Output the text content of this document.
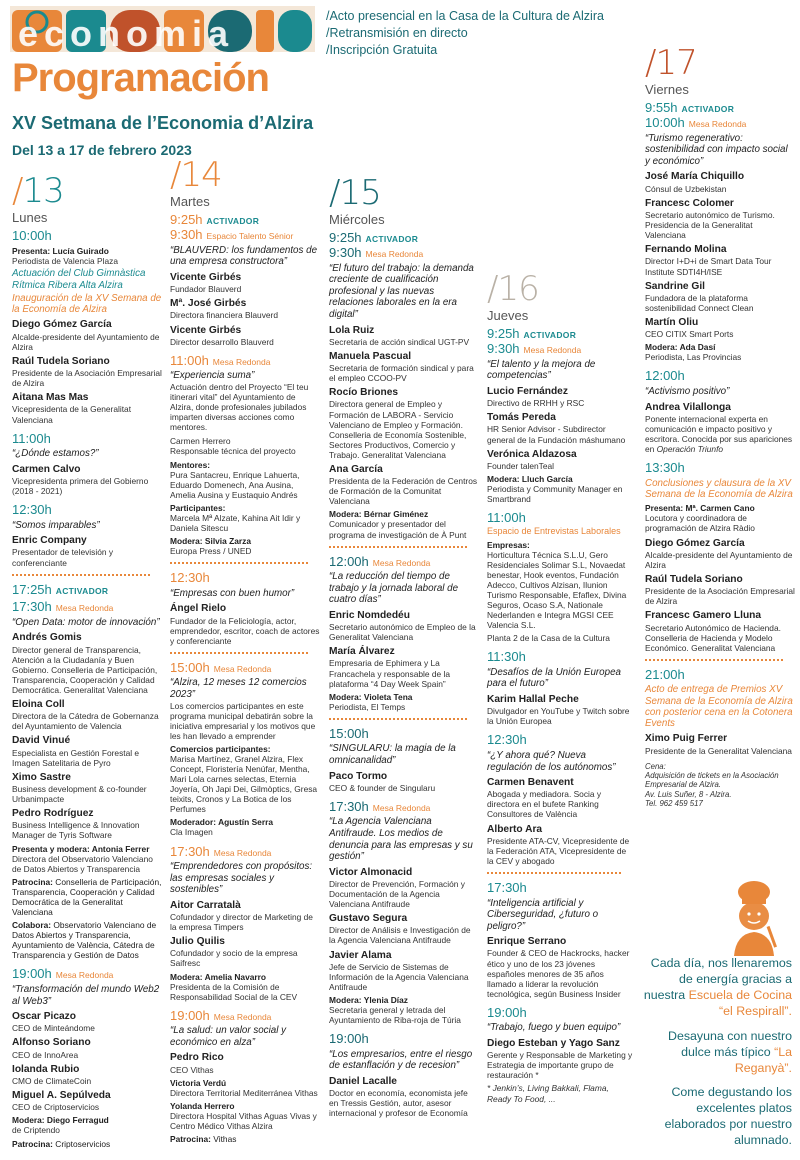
economia
Programación
XV Setmana de l’Economia d’Alzira
Del 13 a 17 de febrero 2023
/Acto presencial en la Casa de la Cultura de Alzira
/Retransmisión en directo
/Inscripción Gratuita
/13
Lunes
10:00h
Presenta: Lucía Guirado
Periodista de Valencia Plaza
Actuación del Club Gimnàstica Rítmica Ribera Alta Alzira
Inauguración de la XV Semana de la Economía de Alzira
Diego Gómez García
Alcalde-presidente del Ayuntamiento de Alzira
Raúl Tudela Soriano
Presidente de la Asociación Empresarial de Alzira
Aitana Mas Mas
Vicepresidenta de la Generalitat Valenciana
11:00h
“¿Dónde estamos?”
Carmen Calvo
Vicepresidenta primera del Gobierno (2018 - 2021)
12:30h
“Somos imparables”
Enric Company
Presentador de televisión y conferenciante
17:25h ACTIVADOR
17:30h Mesa Redonda
“Open Data: motor de innovación”
Andrés Gomis
Director general de Transparencia, Atención a la Ciudadanía y Buen Gobierno. Conselleria de Participación, Transparencia, Cooperación y Calidad Democrática. Generalitat Valenciana
Eloina Coll
Directora de la Cátedra de Gobernanza del Ayuntamiento de Valencia
David Vinué
Especialista en Gestión Forestal e Imagen Satelitaria de Pyro
Ximo Sastre
Business development & co-founder Urbanimpacte
Pedro Rodríguez
Business Intelligence & Innovation Manager de Tyris Software
Presenta y modera: Antonia Ferrer
Directora del Observatorio Valenciano de Datos Abiertos y Transparencia
Patrocina: Conselleria de Participación, Transparencia, Cooperación y Calidad Democrática de la Generalitat Valenciana
Colabora: Observatorio Valenciano de Datos Abiertos y Transparencia, Ayuntamiento de València, Cátedra de Transparencia y Gestión de Datos
19:00h Mesa Redonda
“Transformación del mundo Web2 al Web3”
Oscar Picazo
CEO de Minteándome
Alfonso Soriano
CEO de InnoArea
Iolanda Rubio
CMO de ClimateCoin
Miguel A. Sepúlveda
CEO de Criptoservicios
Modera: Diego Ferragud
de Criptendo
Patrocina: Criptoservicios
/14
Martes
9:25h ACTIVADOR
9:30h Espacio Talento Sénior
“BLAUVERD: los fundamentos de una empresa constructora”
Vicente Girbés
Fundador Blauverd
Mª. José Girbés
Directora financiera Blauverd
Vicente Girbés
Director desarrollo Blauverd
11:00h Mesa Redonda
“Experiencia suma”
Actuación dentro del Proyecto “El teu itinerari vital” del Ayuntamiento de Alzira, donde profesionales jubilados imparten diversas acciones como mentores.
Carmen Herrero
Responsable técnica del proyecto
Mentores:
Pura Santacreu, Enrique Lahuerta, Eduardo Domenech, Ana Ausina, Amelia Ausina y Eustaquio Andrés
Participantes:
Marcela Mª Alzate, Kahina Ait Idir y Daniela Sitescu
Modera: Silvia Zarza
Europa Press / UNED
12:30h
“Empresas con buen humor”
Ángel Rielo
Fundador de la Feliciología, actor, emprendedor, escritor, coach de actores y conferenciante
15:00h Mesa Redonda
“Alzira, 12 meses 12 comercios 2023”
Los comercios participantes en este programa municipal debatirán sobre la iniciativa empresarial y los motivos que les han llevado a emprender
Comercios participantes:
Marisa Martínez, Granel Alzira, Flex Concept, Floristería Nenúfar, Mentha, Mari Lola carnes selectas, Eternia Joyería, Oh Japi Dei, Gilmòptics, Gresa teixits, Cronos y La Botica de los Perfumes
Moderador: Agustín Serra
Cla Imagen
17:30h Mesa Redonda
“Emprendedores con propósitos: las empresas sociales y sostenibles”
Aitor Carratalà
Cofundador y director de Marketing de la empresa Timpers
Julio Quilis
Cofundador y socio de la empresa Saifresc
Modera: Amelia Navarro
Presidenta de la Comisión de Responsabilidad Social de la CEV
19:00h Mesa Redonda
“La salud: un valor social y económico en alza”
Pedro Rico
CEO Vithas
Victoria Verdú
Directora Territorial Mediterránea Vithas
Yolanda Herrero
Directora Hospital Vithas Aguas Vivas y Centro Médico Vithas Alzira
Patrocina: Vithas
/15
Miércoles
9:25h ACTIVADOR
9:30h Mesa Redonda
“El futuro del trabajo: la demanda creciente de cualificación profesional y las nuevas relaciones laborales en la era digital”
Lola Ruiz
Secretaria de acción sindical UGT-PV
Manuela Pascual
Secretaria de formación sindical y para el empleo CCOO-PV
Rocío Briones
Directora general de Empleo y Formación de LABORA - Servicio Valenciano de Empleo y Formación. Conselleria de Economía Sostenible, Sectores Productivos, Comercio y Trabajo. Generalitat Valenciana
Ana García
Presidenta de la Federación de Centros de Formación de la Comunitat Valenciana
Modera: Bérnar Giménez
Comunicador y presentador del programa de investigación de À Punt
12:00h Mesa Redonda
“La reducción del tiempo de trabajo y la jornada laboral de cuatro días”
Enric Nomdedéu
Secretario autonómico de Empleo de la Generalitat Valenciana
María Álvarez
Empresaria de Ephimera y La Francachela y responsable de la plataforma “4 Day Week Spain”
Modera: Violeta Tena
Periodista, El Temps
15:00h
“SINGULARU: la magia de la omnicanalidad”
Paco Tormo
CEO & founder de Singularu
17:30h Mesa Redonda
“La Agencia Valenciana Antifraude. Los medios de denuncia para las empresas y su gestión”
Victor Almonacid
Director de Prevención, Formación y Documentación de la Agencia Valenciana Antifraude
Gustavo Segura
Director de Análisis e Investigación de la Agencia Valenciana Antifraude
Javier Alama
Jefe de Servicio de Sistemas de Información de la Agencia Valenciana Antifraude
Modera: Ylenia Díaz
Secretaria general y letrada del Ayuntamiento de Riba-roja de Túria
19:00h
“Los empresarios, entre el riesgo de estanflación y de recesion”
Daniel Lacalle
Doctor en economía, economista jefe en Tressis Gestión, autor, asesor internacional y profesor de Economía
/16
Jueves
9:25h ACTIVADOR
9:30h Mesa Redonda
“El talento y la mejora de competencias”
Lucio Fernández
Directivo de RRHH y RSC
Tomás Pereda
HR Senior Advisor - Subdirector general de la Fundación máshumano
Verónica Aldazosa
Founder talenTeal
Modera: Lluch García
Periodista y Community Manager en Smartbrand
11:00h
Espacio de Entrevistas Laborales
Empresas:
Horticultura Técnica S.L.U, Gero Residenciales Solimar S.L, Novaedat benestar, Hook eventos, Fundación Adecco, Cultivos Alzisan, Ilunion Turismo Responsable, Efaflex, Divina Seguros, Ocaso S.A, Nationale Nederlanden e Integra MGSI CEE Valencia S.L.
Planta 2 de la Casa de la Cultura
11:30h
“Desafíos de la Unión Europea para el futuro”
Karim Hallal Peche
Divulgador en YouTube y Twitch sobre la Unión Europea
12:30h
“¿Y ahora qué? Nueva regulación de los autónomos”
Carmen Benavent
Abogada y mediadora. Socia y directora en el bufete Ranking Consultores de València
Alberto Ara
Presidente ATA-CV, Vicepresidente de la Federación ATA, Vicepresidente de la CEV y abogado
17:30h
“Inteligencia artificial y Ciberseguridad, ¿futuro o peligro?”
Enrique Serrano
Founder & CEO de Hackrocks, hacker ético y uno de los 23 jóvenes españoles menores de 35 años llamado a liderar la revolución tecnológica, según Business Insider
19:00h
“Trabajo, fuego y buen equipo”
Diego Esteban y Yago Sanz
Gerente y Responsable de Marketing y Estrategia de importante grupo de restauración *
* Jenkin’s, Living Bakkali, Flama, Ready To Food, ...
/17
Viernes
9:55h ACTIVADOR
10:00h Mesa Redonda
“Turismo regenerativo: sostenibilidad con impacto social y económico”
José María Chiquillo
Cónsul de Uzbekistan
Francesc Colomer
Secretario autonómico de Turismo. Presidencia de la Generalitat Valenciana
Fernando Molina
Director I+D+i de Smart Data Tour Institute SDTI4H/ISE
Sandrine Gil
Fundadora de la plataforma sostenibilidad Connect Clean
Martín Oliu
CEO CITIX Smart Ports
Modera: Ada Dasí
Periodista, Las Provincias
12:00h
“Activismo positivo”
Andrea Vilallonga
Ponente internacional experta en comunicación e impacto positivo y escritora. Conocida por sus apariciones en Operación Triunfo
13:30h
Conclusiones y clausura de la XV Semana de la Economía de Alzira
Presenta: Mª. Carmen Cano
Locutora y coordinadora de programación de Alzira Ràdio
Diego Gómez García
Alcalde-presidente del Ayuntamiento de Alzira
Raúl Tudela Soriano
Presidente de la Asociación Empresarial de Alzira
Francesc Gamero Lluna
Secretario Autonómico de Hacienda. Conselleria de Hacienda y Modelo Económico. Generalitat Valenciana
21:00h
Acto de entrega de Premios XV Semana de la Economía de Alzira con posterior cena en la Cotonera Events
Ximo Puig Ferrer
Presidente de la Generalitat Valenciana
Cena:
Adquisición de tickets en la Asociación Empresarial de Alzira.
Av. Luis Suñer, 8 - Alzira.
Tel. 962 459 517
Cada día, nos llenaremos de energía gracias a nuestra Escuela de Cocina “el Respirall”.
Desayuna con nuestro dulce más típico “La Reganyà”.
Come degustando los excelentes platos elaborados por nuestro alumnado.
